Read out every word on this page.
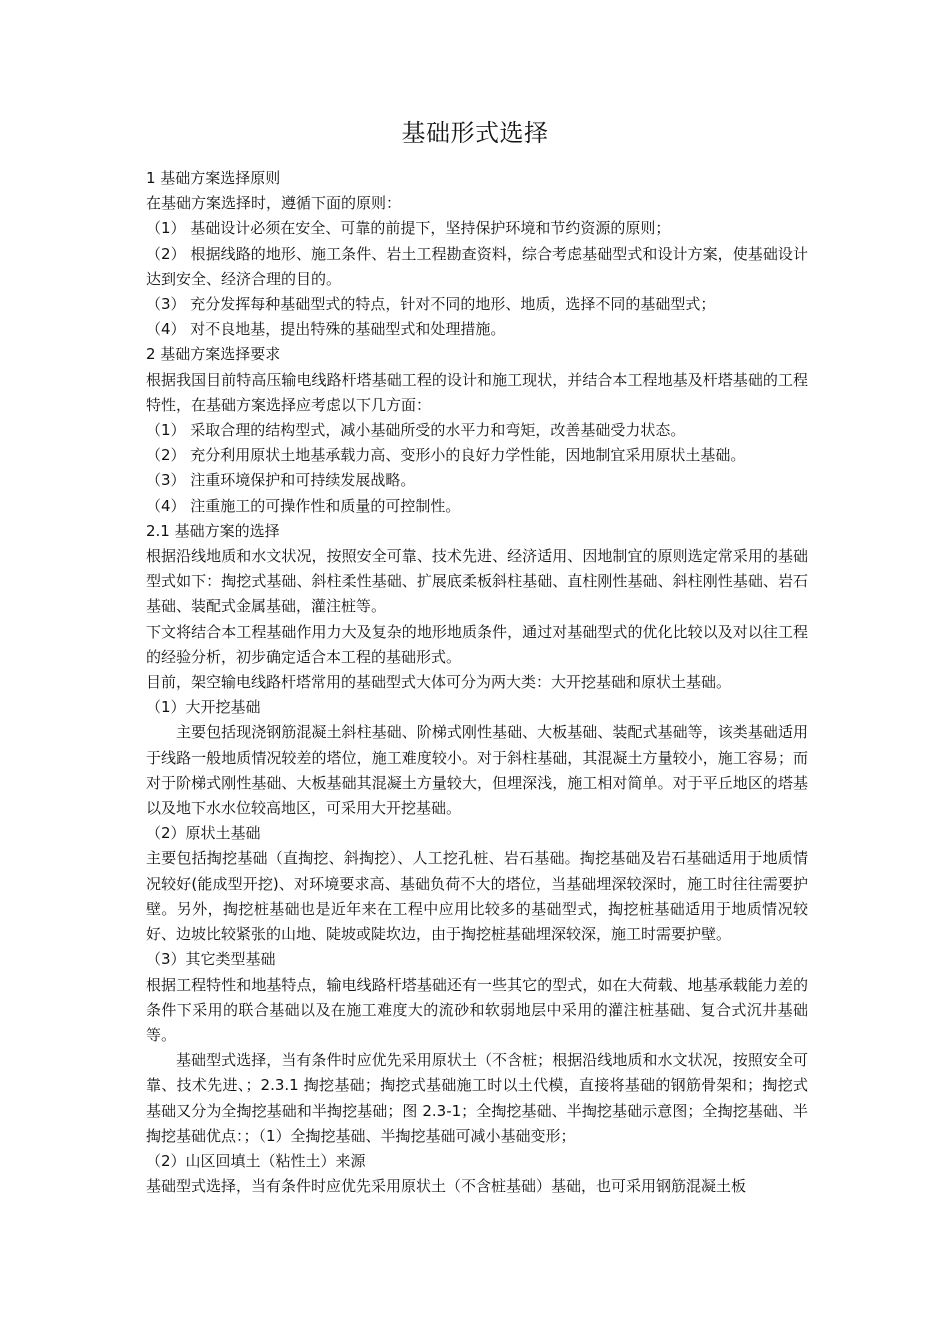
基础形式选择

1 基础方案选择原则

在基础方案选择时，遵循下面的原则：

（1） 基础设计必须在安全、可靠的前提下，坚持保护环境和节约资源的原则；

（2） 根据线路的地形、施工条件、岩土工程勘查资料，综合考虑基础型式和设计方案，使基础设计达到安全、经济合理的目的。

（3） 充分发挥每种基础型式的特点，针对不同的地形、地质，选择不同的基础型式；

（4） 对不良地基，提出特殊的基础型式和处理措施。

2 基础方案选择要求

根据我国目前特高压输电线路杆塔基础工程的设计和施工现状，并结合本工程地基及杆塔基础的工程特性，在基础方案选择应考虑以下几方面：

（1） 采取合理的结构型式，减小基础所受的水平力和弯矩，改善基础受力状态。

（2） 充分利用原状土地基承载力高、变形小的良好力学性能，因地制宜采用原状土基础。

（3） 注重环境保护和可持续发展战略。

（4） 注重施工的可操作性和质量的可控制性。

2.1 基础方案的选择

根据沿线地质和水文状况，按照安全可靠、技术先进、经济适用、因地制宜的原则选定常采用的基础型式如下：掏挖式基础、斜柱柔性基础、扩展底柔板斜柱基础、直柱刚性基础、斜柱刚性基础、岩石基础、装配式金属基础，灌注桩等。

下文将结合本工程基础作用力大及复杂的地形地质条件，通过对基础型式的优化比较以及对以往工程的经验分析，初步确定适合本工程的基础形式。

目前，架空输电线路杆塔常用的基础型式大体可分为两大类：大开挖基础和原状土基础。

（1）大开挖基础

主要包括现浇钢筋混凝土斜柱基础、阶梯式刚性基础、大板基础、装配式基础等，该类基础适用于线路一般地质情况较差的塔位，施工难度较小。对于斜柱基础，其混凝土方量较小，施工容易；而对于阶梯式刚性基础、大板基础其混凝土方量较大，但埋深浅，施工相对简单。对于平丘地区的塔基以及地下水水位较高地区，可采用大开挖基础。

（2）原状土基础

主要包括掏挖基础（直掏挖、斜掏挖）、人工挖孔桩、岩石基础。掏挖基础及岩石基础适用于地质情况较好(能成型开挖)、对环境要求高、基础负荷不大的塔位，当基础埋深较深时，施工时往往需要护壁。另外，掏挖桩基础也是近年来在工程中应用比较多的基础型式，掏挖桩基础适用于地质情况较好、边坡比较紧张的山地、陡坡或陡坎边，由于掏挖桩基础埋深较深，施工时需要护壁。

（3）其它类型基础

根据工程特性和地基特点，输电线路杆塔基础还有一些其它的型式，如在大荷载、地基承载能力差的条件下采用的联合基础以及在施工难度大的流砂和软弱地层中采用的灌注桩基础、复合式沉井基础等。

基础型式选择，当有条件时应优先采用原状土（不含桩；根据沿线地质和水文状况，按照安全可靠、技术先进、；2.3.1 掏挖基础；掏挖式基础施工时以土代模，直接将基础的钢筋骨架和；掏挖式基础又分为全掏挖基础和半掏挖基础；图 2.3-1；全掏挖基础、半掏挖基础示意图；全掏挖基础、半掏挖基础优点：；（1）全掏挖基础、半掏挖基础可减小基础变形；

（2）山区回填土（粘性土）来源

基础型式选择，当有条件时应优先采用原状土（不含桩基础）基础，也可采用钢筋混凝土板
